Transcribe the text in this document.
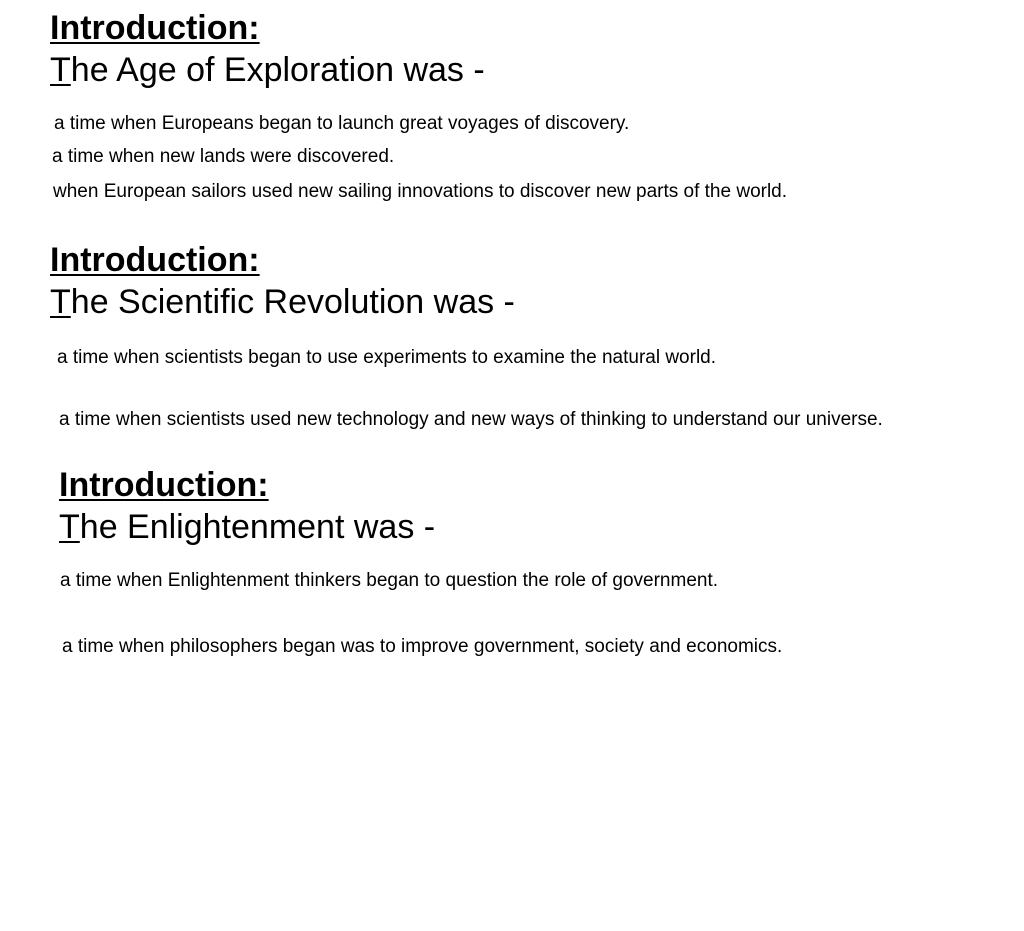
Introduction:
The Age of Exploration was -
a time when Europeans began to launch great voyages of discovery.
a time when new lands were discovered.
when European sailors used new sailing innovations to discover new parts of the world.
Introduction:
The Scientific Revolution was -
a time when scientists began to use experiments to examine the natural world.
a time when scientists used new technology and new ways of thinking to understand our universe.
Introduction:
The Enlightenment was -
a time when Enlightenment thinkers began to question the role of government.
a time when philosophers began was to improve government, society and economics.
